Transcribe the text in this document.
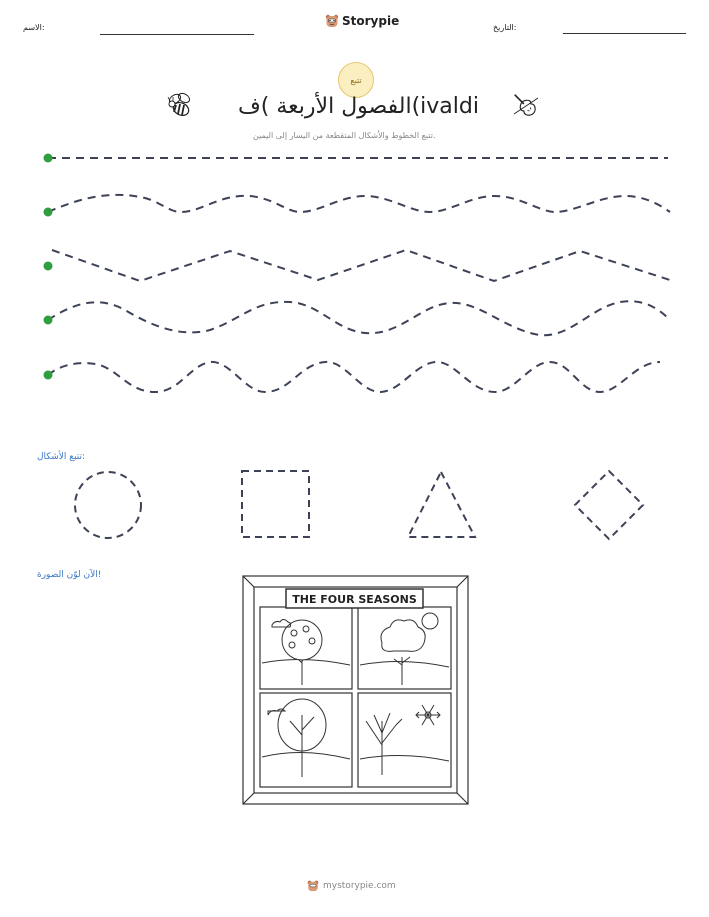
الاسم:	Storypie	التاريخ:
تتبع
الفصول الأربعة )ف(ivaldi
تتبع الخطوط والأشكال المتقطعة من اليسار إلى اليمين.
تتبع الأشكال:
الآن لوّن الصورة!
THE FOUR SEASONS
mystorypie.com
